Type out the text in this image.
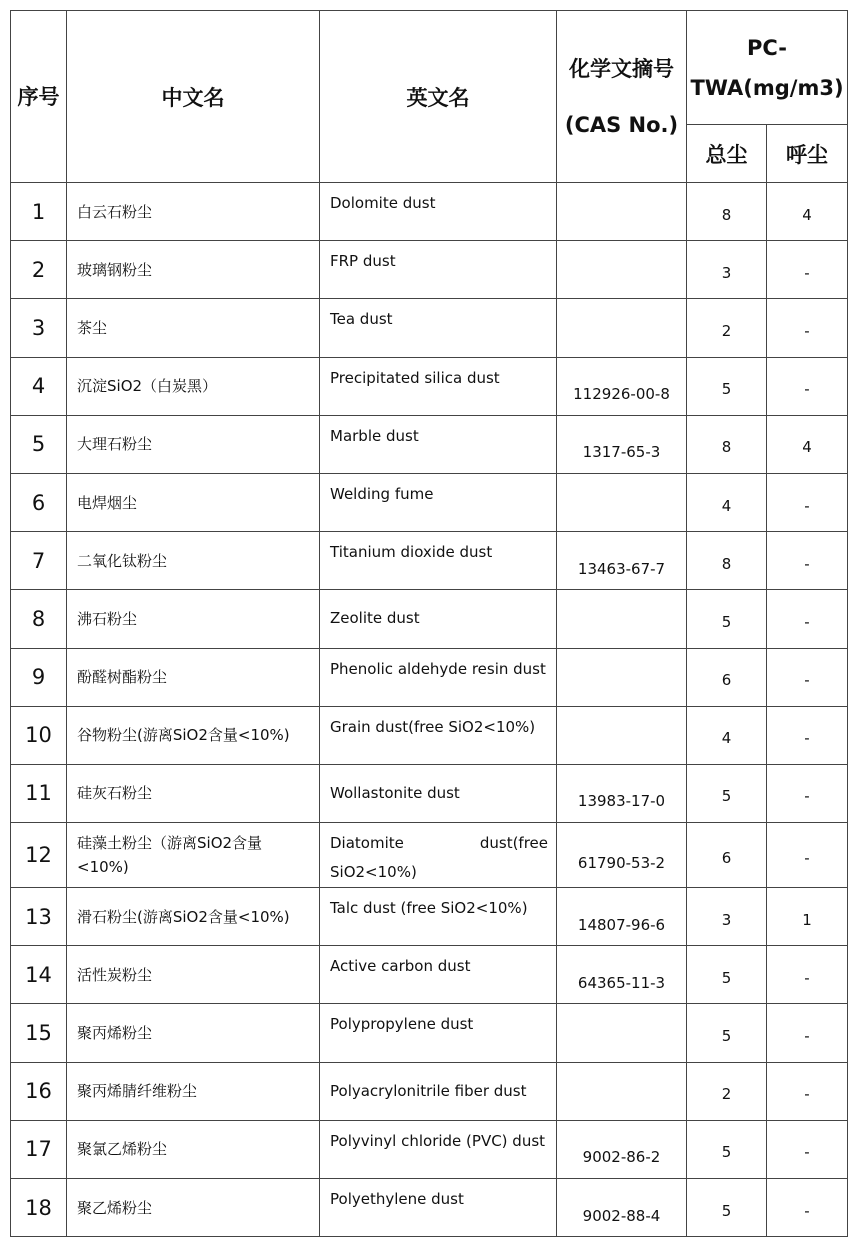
序号	中文名	英文名	化学文摘号(CAS No.)	PC-TWA(mg/m3)	
				总尘	呼尘
1	白云石粉尘	Dolomite dust		8	4
2	玻璃钢粉尘	FRP dust		3	-
3	茶尘	Tea dust		2	-
4	沉淀SiO2（白炭黑）	Precipitated silica dust	112926-00-8	5	-
5	大理石粉尘	Marble dust	1317-65-3	8	4
6	电焊烟尘	Welding fume		4	-
7	二氧化钛粉尘	Titanium dioxide dust	13463-67-7	8	-
8	沸石粉尘	Zeolite dust		5	-
9	酚醛树酯粉尘	Phenolic aldehyde resin dust		6	-
10	谷物粉尘(游离SiO2含量<10%)	Grain dust(free SiO2<10%)		4	-
11	硅灰石粉尘	Wollastonite dust	13983-17-0	5	-
12	硅藻土粉尘（游离SiO2含量<10%)	Diatomite dust(free SiO2<10%)	61790-53-2	6	-
13	滑石粉尘(游离SiO2含量<10%)	Talc dust (free SiO2<10%)	14807-96-6	3	1
14	活性炭粉尘	Active carbon dust	64365-11-3	5	-
15	聚丙烯粉尘	Polypropylene dust		5	-
16	聚丙烯腈纤维粉尘	Polyacrylonitrile fiber dust		2	-
17	聚氯乙烯粉尘	Polyvinyl chloride (PVC) dust	9002-86-2	5	-
18	聚乙烯粉尘	Polyethylene dust	9002-88-4	5	-
